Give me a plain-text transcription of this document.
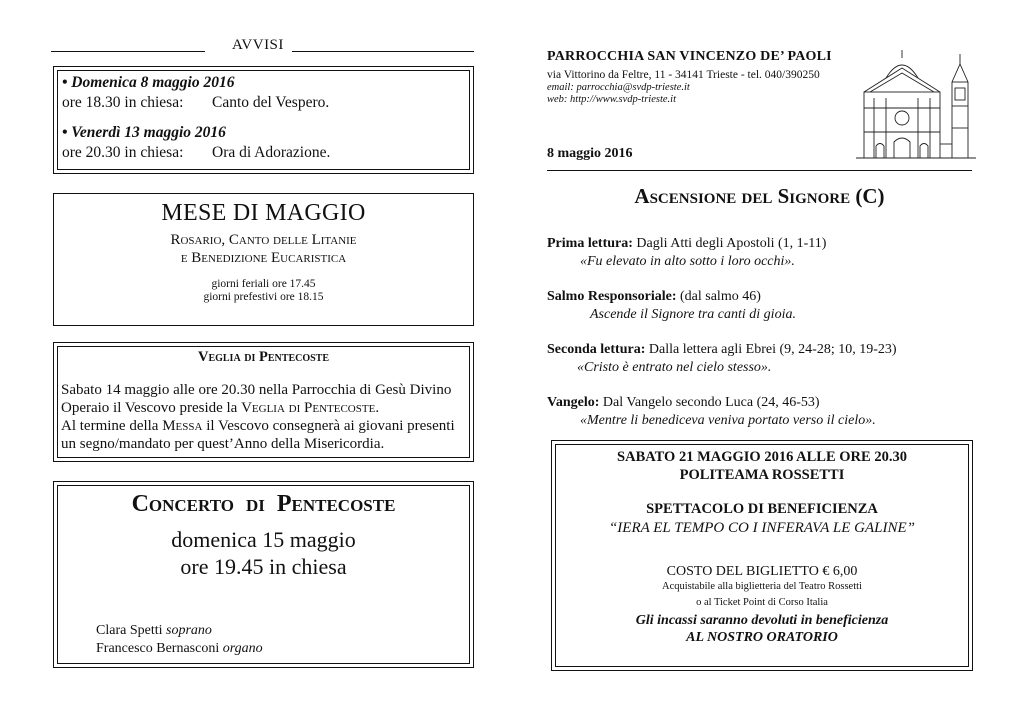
AVVISI

• Domenica 8 maggio 2016

ore 18.30 in chiesa: Canto del Vespero.

• Venerdì 13 maggio 2016

ore 20.30 in chiesa: Ora di Adorazione.

MESE DI MAGGIO

Rosario, Canto delle Litanie

e Benedizione Eucaristica

giorni feriali ore 17.45

giorni prefestivi ore 18.15

Veglia di Pentecoste

Sabato 14 maggio alle ore 20.30 nella Parrocchia di Gesù Divino

Operaio il Vescovo preside la Veglia di Pentecoste.

Al termine della Messa il Vescovo consegnerà ai giovani presenti

un segno/mandato per quest’Anno della Misericordia.

Concerto  di  Pentecoste

domenica 15 maggio

ore 19.45 in chiesa

Clara Spetti soprano

Francesco Bernasconi organo

PARROCCHIA SAN VINCENZO DE’ PAOLI

via Vittorino da Feltre, 11 - 34141 Trieste - tel. 040/390250

email: parrocchia@svdp-trieste.it

web: http://www.svdp-trieste.it

8 maggio 2016
Ascensione del Signore (C)

Prima lettura: Dagli Atti degli Apostoli (1, 1-11)

«Fu elevato in alto sotto i loro occhi».

Salmo Responsoriale: (dal salmo 46)

Ascende il Signore tra canti di gioia.

Seconda lettura: Dalla lettera agli Ebrei (9, 24-28; 10, 19-23)

«Cristo è entrato nel cielo stesso».

Vangelo: Dal Vangelo secondo Luca (24, 46-53)

«Mentre li benediceva veniva portato verso il cielo».

SABATO 21 MAGGIO 2016 ALLE ORE 20.30

POLITEAMA ROSSETTI

SPETTACOLO DI BENEFICIENZA

“IERA EL TEMPO CO I INFERAVA LE GALINE”

COSTO DEL BIGLIETTO € 6,00

Acquistabile alla biglietteria del Teatro Rossetti

o al Ticket Point di Corso Italia

Gli incassi saranno devoluti in beneficienza

AL NOSTRO ORATORIO
